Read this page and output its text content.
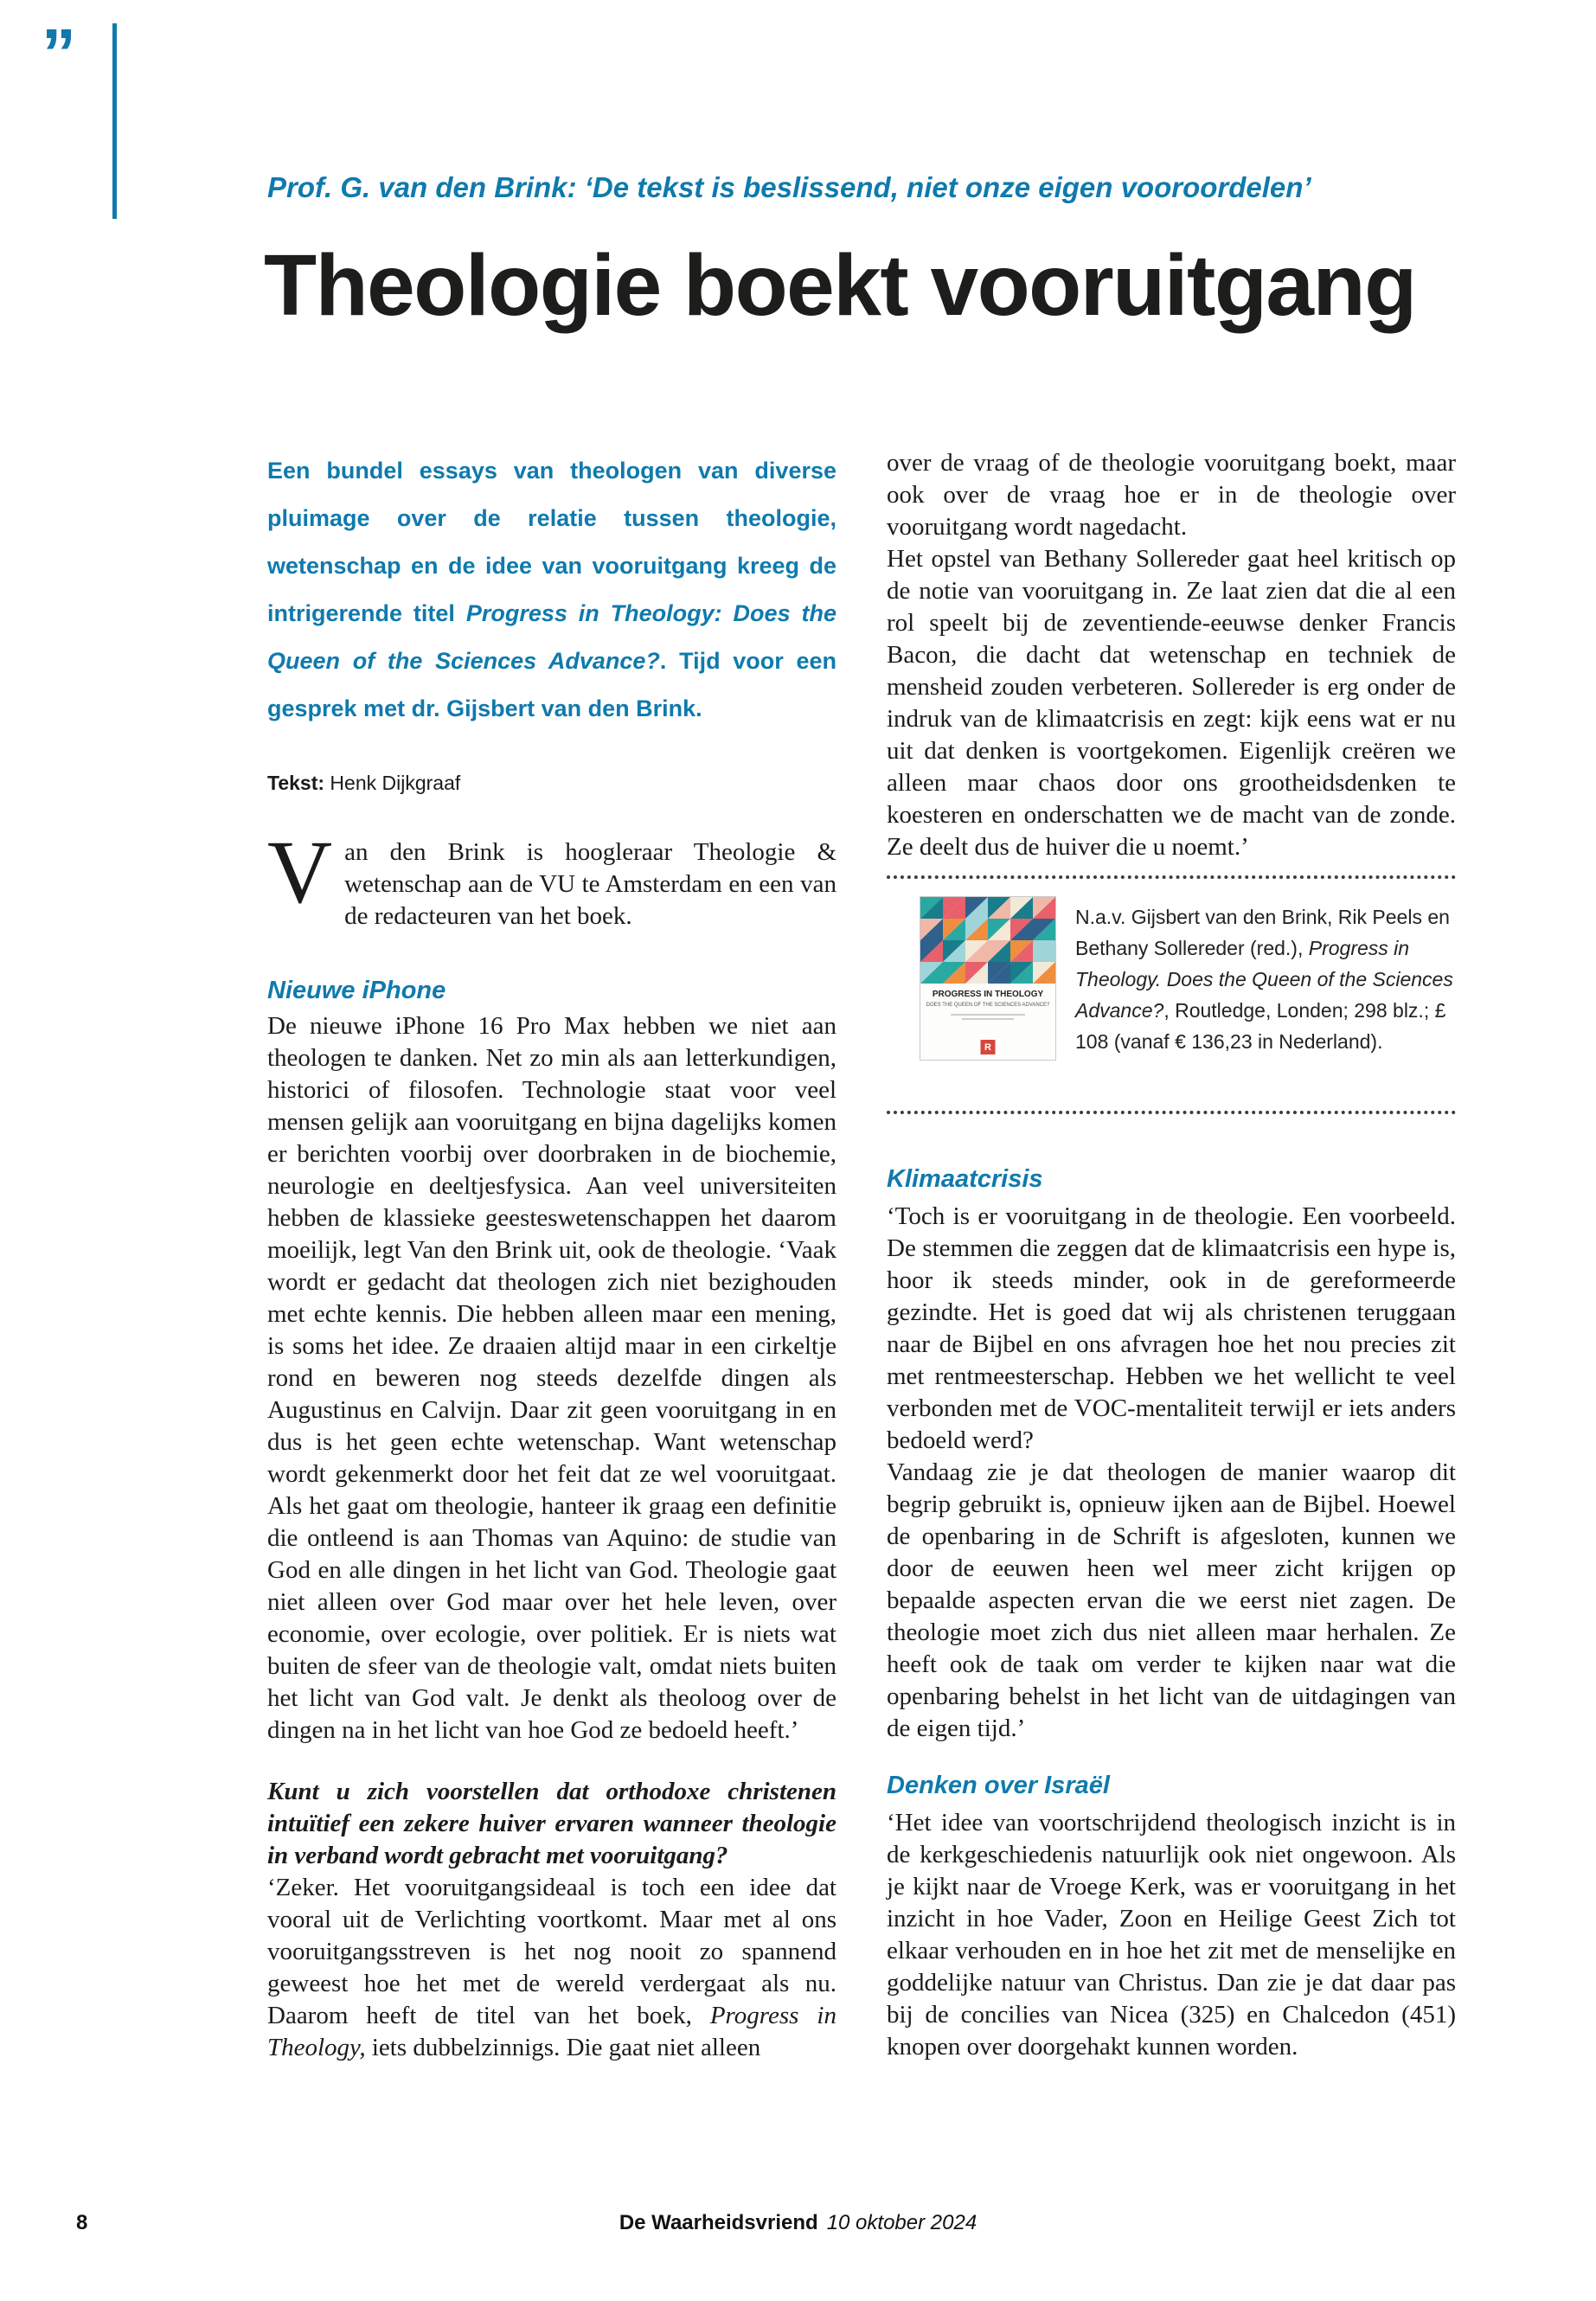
”
Prof. G. van den Brink: ‘De tekst is beslissend, niet onze eigen vooroordelen’
Theologie boekt vooruitgang
Een bundel essays van theologen van diverse pluimage over de relatie tussen theologie, wetenschap en de idee van vooruitgang kreeg de intrigerende titel Progress in Theology: Does the Queen of the Sciences Advance?. Tijd voor een gesprek met dr. Gijsbert van den Brink.
Tekst: Henk Dijkgraaf

Van den Brink is hoogleraar Theologie & wetenschap aan de VU te Amsterdam en een van de redacteuren van het boek.

Nieuwe iPhone

De nieuwe iPhone 16 Pro Max hebben we niet aan theologen te danken. Net zo min als aan letterkundigen, historici of filosofen. Technologie staat voor veel mensen gelijk aan vooruitgang en bijna dagelijks komen er berichten voorbij over doorbraken in de biochemie, neurologie en deeltjesfysica. Aan veel universiteiten hebben de klassieke geesteswetenschappen het daarom moeilijk, legt Van den Brink uit, ook de theologie. ‘Vaak wordt er gedacht dat theologen zich niet bezighouden met echte kennis. Die hebben alleen maar een mening, is soms het idee. Ze draaien altijd maar in een cirkeltje rond en beweren nog steeds dezelfde dingen als Augustinus en Calvijn. Daar zit geen vooruitgang in en dus is het geen echte wetenschap. Want wetenschap wordt gekenmerkt door het feit dat ze wel vooruitgaat. Als het gaat om theologie, hanteer ik graag een definitie die ontleend is aan Thomas van Aquino: de studie van God en alle dingen in het licht van God. Theologie gaat niet alleen over God maar over het hele leven, over economie, over ecologie, over politiek. Er is niets wat buiten de sfeer van de theologie valt, omdat niets buiten het licht van God valt. Je denkt als theoloog over de dingen na in het licht van hoe God ze bedoeld heeft.’

Kunt u zich voorstellen dat orthodoxe christenen intuïtief een zekere huiver ervaren wanneer theologie in verband wordt gebracht met vooruitgang?

‘Zeker. Het vooruitgangsideaal is toch een idee dat vooral uit de Verlichting voortkomt. Maar met al ons vooruitgangsstreven is het nog nooit zo spannend geweest hoe het met de wereld verdergaat als nu. Daarom heeft de titel van het boek, Progress in Theology, iets dubbelzinnigs. Die gaat niet alleen

over de vraag of de theologie vooruitgang boekt, maar ook over de vraag hoe er in de theologie over vooruitgang wordt nagedacht.

Het opstel van Bethany Sollereder gaat heel kritisch op de notie van vooruitgang in. Ze laat zien dat die al een rol speelt bij de zeventiende-eeuwse denker Francis Bacon, die dacht dat wetenschap en techniek de mensheid zouden verbeteren. Sollereder is erg onder de indruk van de klimaatcrisis en zegt: kijk eens wat er nu uit dat denken is voortgekomen. Eigenlijk creëren we alleen maar chaos door ons grootheidsdenken te koesteren en onderschatten we de macht van de zonde. Ze deelt dus de huiver die u noemt.’

PROGRESS IN THEOLOGY
DOES THE QUEEN OF THE SCIENCES ADVANCE?
R
N.a.v. Gijsbert van den Brink, Rik Peels en Bethany Sollereder (red.), Progress in Theology. Does the Queen of the Sciences Advance?, Routledge, Londen; 298 blz.; £ 108 (vanaf € 136,23 in Nederland).
Klimaatcrisis

‘Toch is er vooruitgang in de theologie. Een voorbeeld. De stemmen die zeggen dat de klimaatcrisis een hype is, hoor ik steeds minder, ook in de gereformeerde gezindte. Het is goed dat wij als christenen teruggaan naar de Bijbel en ons afvragen hoe het nou precies zit met rentmeesterschap. Hebben we het wellicht te veel verbonden met de VOC-mentaliteit terwijl er iets anders bedoeld werd?

Vandaag zie je dat theologen de manier waarop dit begrip gebruikt is, opnieuw ijken aan de Bijbel. Hoewel de openbaring in de Schrift is afgesloten, kunnen we door de eeuwen heen wel meer zicht krijgen op bepaalde aspecten ervan die we eerst niet zagen. De theologie moet zich dus niet alleen maar herhalen. Ze heeft ook de taak om verder te kijken naar wat die openbaring behelst in het licht van de uitdagingen van de eigen tijd.’

Denken over Israël

‘Het idee van voortschrijdend theologisch inzicht is in de kerkgeschiedenis natuurlijk ook niet ongewoon. Als je kijkt naar de Vroege Kerk, was er vooruitgang in het inzicht in hoe Vader, Zoon en Heilige Geest Zich tot elkaar verhouden en in hoe het zit met de menselijke en goddelijke natuur van Christus. Dan zie je dat daar pas bij de concilies van Nicea (325) en Chalcedon (451) knopen over doorgehakt kunnen worden.

8	De Waarheidsvriend 10 oktober 2024
